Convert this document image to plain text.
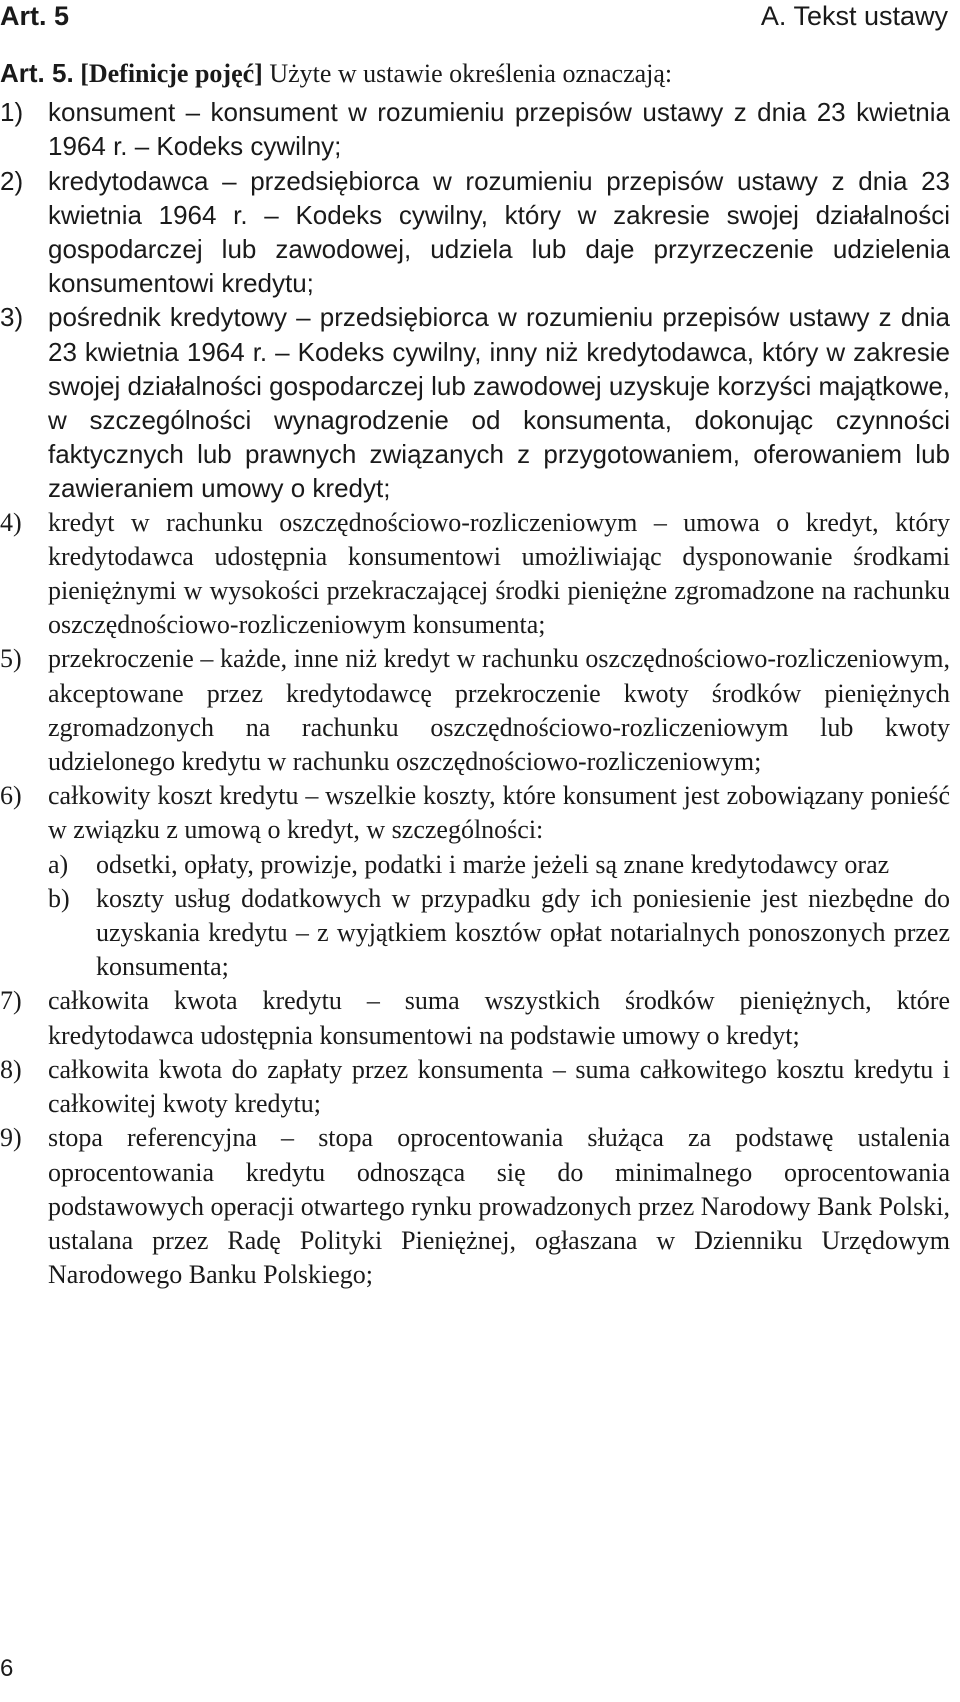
Art. 5	A. Tekst ustawy

Art. 5. [Definicje pojęć] Użyte w ustawie określenia oznaczają:

1) konsument – konsument w rozumieniu przepisów ustawy z dnia 23 kwietnia 1964 r. – Kodeks cywilny;
2) kredytodawca – przedsiębiorca w rozumieniu przepisów ustawy z dnia 23 kwietnia 1964 r. – Kodeks cywilny, który w zakresie swojej działalności gospodarczej lub zawodowej, udziela lub daje przyrzeczenie udzielenia konsumentowi kredytu;
3) pośrednik kredytowy – przedsiębiorca w rozumieniu przepisów ustawy z dnia 23 kwietnia 1964 r. – Kodeks cywilny, inny niż kredytodawca, który w zakresie swojej działalności gospodarczej lub zawodowej uzyskuje korzyści majątkowe, w szczególności wynagrodzenie od konsumenta, dokonując czynności faktycznych lub prawnych związanych z przygotowaniem, oferowaniem lub zawieraniem umowy o kredyt;
4)	kredyt w rachunku oszczędnościowo-rozliczeniowym – umowa o kredyt, który kredytodawca udostępnia konsumentowi umożliwiając dysponowanie środkami pieniężnymi w wysokości przekraczającej środki pieniężne zgromadzone na rachunku oszczędnościowo-rozliczeniowym konsumenta;
5)	przekroczenie – każde, inne niż kredyt w rachunku oszczędnościowo-rozliczeniowym, akceptowane przez kredytodawcę przekroczenie kwoty środków pieniężnych zgromadzonych na rachunku oszczędnościowo-rozliczeniowym lub kwoty udzielonego kredytu w rachunku oszczędnościowo-rozliczeniowym;
6)	całkowity koszt kredytu – wszelkie koszty, które konsument jest zobowiązany ponieść w związku z umową o kredyt, w szczególności:
a)	odsetki, opłaty, prowizje, podatki i marże jeżeli są znane kredytodawcy oraz
b)	koszty usług dodatkowych w przypadku gdy ich poniesienie jest niezbędne do uzyskania kredytu – z wyjątkiem kosztów opłat notarialnych ponoszonych przez konsumenta;
7)	całkowita kwota kredytu – suma wszystkich środków pieniężnych, które kredytodawca udostępnia konsumentowi na podstawie umowy o kredyt;
8)	całkowita kwota do zapłaty przez konsumenta – suma całkowitego kosztu kredytu i całkowitej kwoty kredytu;
9)	stopa referencyjna – stopa oprocentowania służąca za podstawę ustalenia oprocentowania kredytu odnosząca się do minimalnego oprocentowania podstawowych operacji otwartego rynku prowadzonych przez Narodowy Bank Polski, ustalana przez Radę Polityki Pieniężnej, ogłaszana w Dzienniku Urzędowym Narodowego Banku Polskiego;
6
